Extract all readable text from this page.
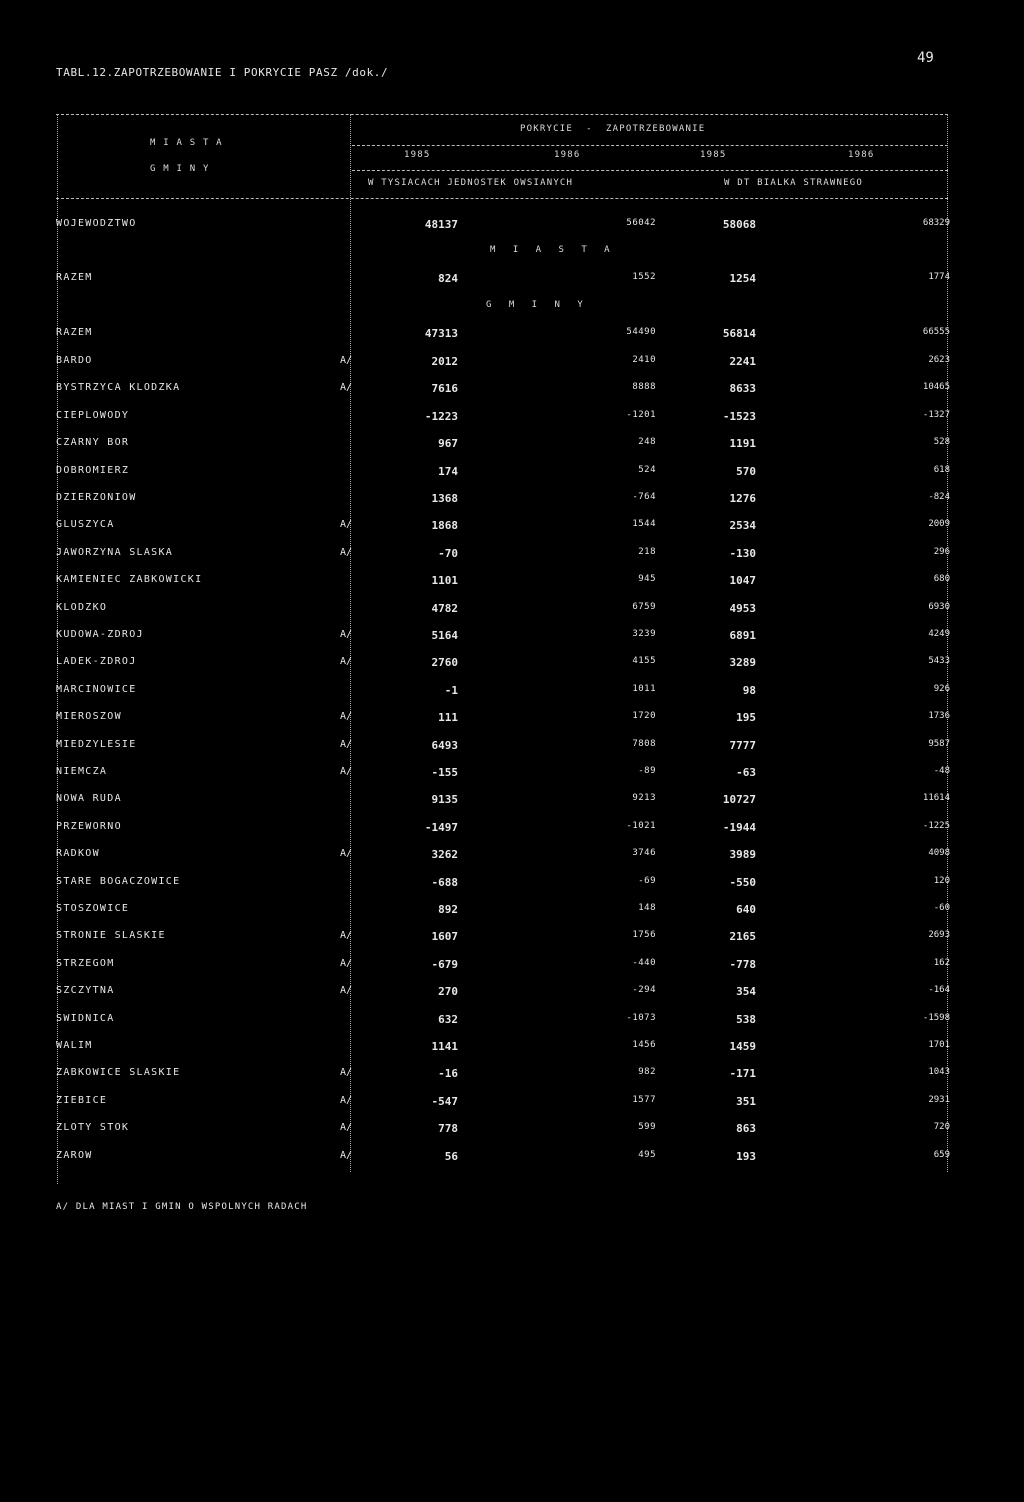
49
TABL.12.ZAPOTRZEBOWANIE I POKRYCIE PASZ /dok./
M I A S T A
G M I N Y
POKRYCIE  -  ZAPOTRZEBOWANIE
1985	1986	1985	1986
W TYSIACACH JEDNOSTEK OWSIANYCH	W DT BIALKA STRAWNEGO
M I A S T A
G M I N Y
WOJEWODZTWO	48137	56042	58068	68329
RAZEM	824	1552	1254	1774
RAZEM	47313	54490	56814	66555
BARDO	A/	2012	2410	2241	2623
BYSTRZYCA KLODZKA	A/	7616	8888	8633	10465
CIEPLOWODY	-1223	-1201	-1523	-1327
CZARNY BOR	967	248	1191	528
DOBROMIERZ	174	524	570	618
DZIERZONIOW	1368	-764	1276	-824
GLUSZYCA	A/	1868	1544	2534	2009
JAWORZYNA SLASKA	A/	-70	218	-130	296
KAMIENIEC ZABKOWICKI	1101	945	1047	680
KLODZKO	4782	6759	4953	6930
KUDOWA-ZDROJ	A/	5164	3239	6891	4249
LADEK-ZDROJ	A/	2760	4155	3289	5433
MARCINOWICE	-1	1011	98	926
MIEROSZOW	A/	111	1720	195	1736
MIEDZYLESIE	A/	6493	7808	7777	9587
NIEMCZA	A/	-155	-89	-63	-48
NOWA RUDA	9135	9213	10727	11614
PRZEWORNO	-1497	-1021	-1944	-1225
RADKOW	A/	3262	3746	3989	4098
STARE BOGACZOWICE	-688	-69	-550	120
STOSZOWICE	892	148	640	-60
STRONIE SLASKIE	A/	1607	1756	2165	2693
STRZEGOM	A/	-679	-440	-778	162
SZCZYTNA	A/	270	-294	354	-164
SWIDNICA	632	-1073	538	-1598
WALIM	1141	1456	1459	1701
ZABKOWICE SLASKIE	A/	-16	982	-171	1043
ZIEBICE	A/	-547	1577	351	2931
ZLOTY STOK	A/	778	599	863	720
ZAROW	A/	56	495	193	659
A/ DLA MIAST I GMIN O WSPOLNYCH RADACH
